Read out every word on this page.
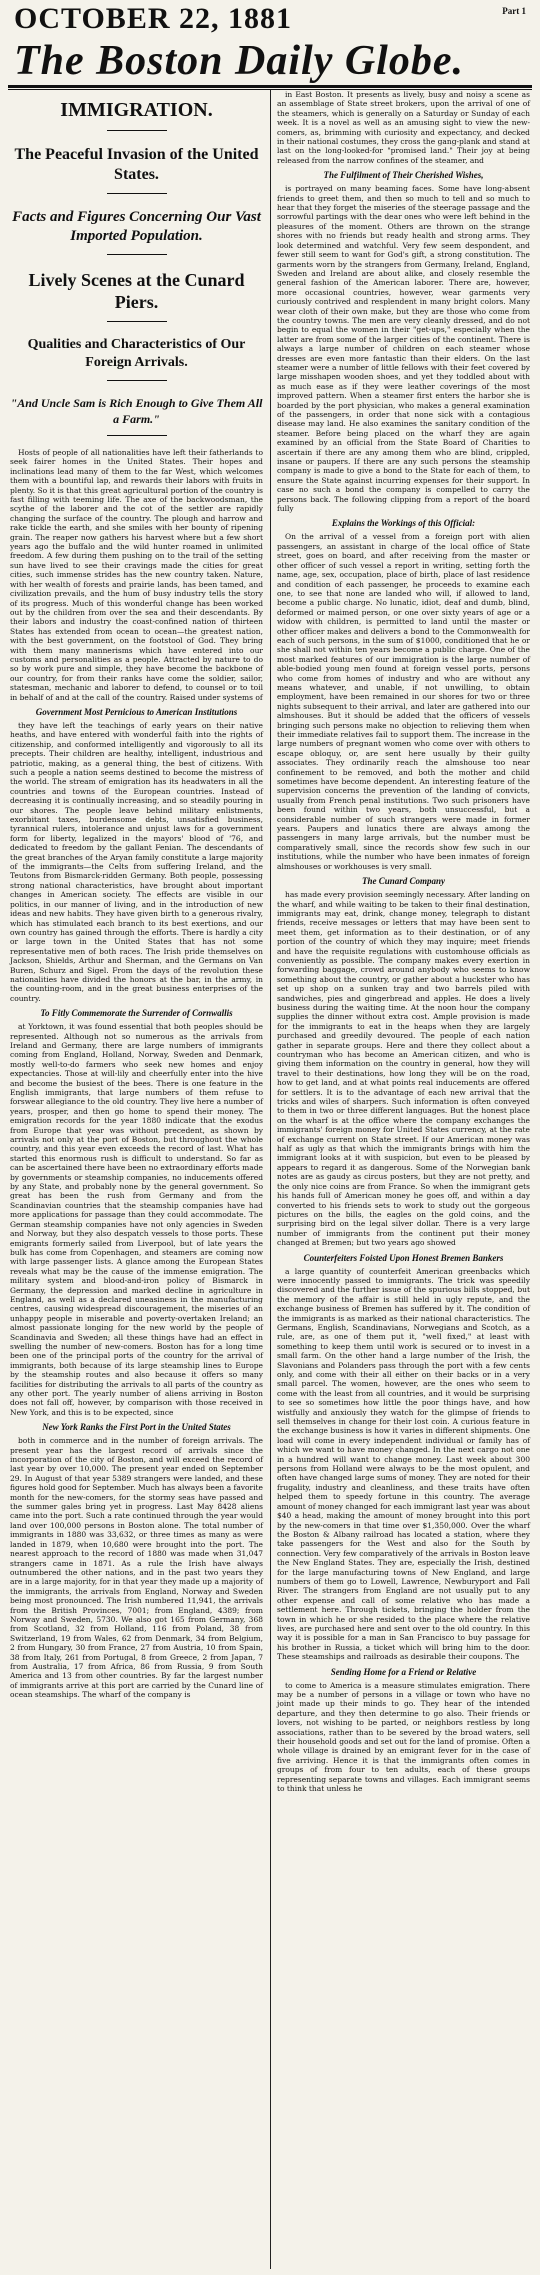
OCTOBER 22, 1881	Part 1
The Boston Daily Globe.
IMMIGRATION.
The Peaceful Invasion of the United States.
Facts and Figures Concerning Our Vast Imported Population.
Lively Scenes at the Cunard Piers.
Qualities and Characteristics of Our Foreign Arrivals.
"And Uncle Sam is Rich Enough to Give Them All a Farm."

Hosts of people of all nationalities have left their fatherlands to seek fairer homes in the United States. Their hopes and inclinations lead many of them to the far West, which welcomes them with a bountiful lap, and rewards their labors with fruits in plenty. So it is that this great agricultural portion of the country is fast filling with teeming life. The axe of the backwoodsman, the scythe of the laborer and the cot of the settler are rapidly changing the surface of the country. The plough and harrow and rake tickle the earth, and she smiles with her bounty of ripening grain. The reaper now gathers his harvest where but a few short years ago the buffalo and the wild hunter roamed in unlimited freedom. A few during them pushing on to the trail of the setting sun have lived to see their cravings made the cities for great cities, such immense strides has the new country taken. Nature, with her wealth of forests and prairie lands, has been tamed, and civilization prevails, and the hum of busy industry tells the story of its progress. Much of this wonderful change has been worked out by the children from over the sea and their descendants. By their labors and industry the coast-confined nation of thirteen States has extended from ocean to ocean—the greatest nation, with the best government, on the footstool of God. They bring with them many mannerisms which have entered into our customs and personalities as a people. Attracted by nature to do so by work pure and simple, they have become the backbone of our country, for from their ranks have come the soldier, sailor, statesman, mechanic and laborer to defend, to counsel or to toil in behalf of and at the call of the country. Raised under systems of

Government Most Pernicious to American Institutions

they have left the teachings of early years on their native heaths, and have entered with wonderful faith into the rights of citizenship, and conformed intelligently and vigorously to all its precepts. Their children are healthy, intelligent, industrious and patriotic, making, as a general thing, the best of citizens. With such a people a nation seems destined to become the mistress of the world. The stream of emigration has its headwaters in all the countries and towns of the European countries. Instead of decreasing it is continually increasing, and so steadily pouring in our shores. The people leave behind military enlistments, exorbitant taxes, burdensome debts, unsatisfied business, tyrannical rulers, intolerance and unjust laws for a government form for liberty, legalized in the mayors' blood of '76, and dedicated to freedom by the gallant Fenian. The descendants of the great branches of the Aryan family constitute a large majority of the immigrants—the Celts from suffering Ireland, and the Teutons from Bismarck-ridden Germany. Both people, possessing strong national characteristics, have brought about important changes in American society. The effects are visible in our politics, in our manner of living, and in the introduction of new ideas and new habits. They have given birth to a generous rivalry, which has stimulated each branch to its best exertions, and our own country has gained through the efforts. There is hardly a city or large town in the United States that has not some representative men of both races. The Irish pride themselves on Jackson, Shields, Arthur and Sherman, and the Germans on Van Buren, Schurz and Sigel. From the days of the revolution these nationalities have divided the honors at the bar, in the army, in the counting-room, and in the great business enterprises of the country.

To Fitly Commemorate the Surrender of Cornwallis

at Yorktown, it was found essential that both peoples should be represented. Although not so numerous as the arrivals from Ireland and Germany, there are large numbers of immigrants coming from England, Holland, Norway, Sweden and Denmark, mostly well-to-do farmers who seek new homes and enjoy expectancies. Those at will-lily and cheerfully enter into the hive and become the busiest of the bees. There is one feature in the English immigrants, that large numbers of them refuse to forswear allegiance to the old country. They live here a number of years, prosper, and then go home to spend their money. The emigration records for the year 1880 indicate that the exodus from Europe that year was without precedent, as shown by arrivals not only at the port of Boston, but throughout the whole country, and this year even exceeds the record of last. What has started this enormous rush is difficult to understand. So far as can be ascertained there have been no extraordinary efforts made by governments or steamship companies, no inducements offered by any State, and probably none by the general government. So great has been the rush from Germany and from the Scandinavian countries that the steamship companies have had more applications for passage than they could accommodate. The German steamship companies have not only agencies in Sweden and Norway, but they also despatch vessels to those ports. These emigrants formerly sailed from Liverpool, but of late years the bulk has come from Copenhagen, and steamers are coming now with large passenger lists. A glance among the European States reveals what may be the cause of the immense emigration. The military system and blood-and-iron policy of Bismarck in Germany, the depression and marked decline in agriculture in England, as well as a declared uneasiness in the manufacturing centres, causing widespread discouragement, the miseries of an unhappy people in miserable and poverty-overtaken Ireland; an almost passionate longing for the new world by the people of Scandinavia and Sweden; all these things have had an effect in swelling the number of new-comers. Boston has for a long time been one of the principal ports of the country for the arrival of immigrants, both because of its large steamship lines to Europe by the steamship routes and also because it offers so many facilities for distributing the arrivals to all parts of the country as any other port. The yearly number of aliens arriving in Boston does not fall off, however, by comparison with those received in New York, and this is to be expected, since

New York Ranks the First Port in the United States

both in commerce and in the number of foreign arrivals. The present year has the largest record of arrivals since the incorporation of the city of Boston, and will exceed the record of last year by over 10,000. The present year ended on September 29. In August of that year 5389 strangers were landed, and these figures hold good for September. Much has always been a favorite month for the new-comers, for the stormy seas have passed and the summer gales bring yet in progress. Last May 8428 aliens came into the port. Such a rate continued through the year would land over 100,000 persons in Boston alone. The total number of immigrants in 1880 was 33,632, or three times as many as were landed in 1879, when 10,680 were brought into the port. The nearest approach to the record of 1880 was made when 31,047 strangers came in 1871. As a rule the Irish have always outnumbered the other nations, and in the past two years they are in a large majority, for in that year they made up a majority of the immigrants, the arrivals from England, Norway and Sweden being most pronounced. The Irish numbered 11,941, the arrivals from the British Provinces, 7001; from England, 4389; from Norway and Sweden, 5730. We also got 165 from Germany, 368 from Scotland, 32 from Holland, 116 from Poland, 38 from Switzerland, 19 from Wales, 62 from Denmark, 34 from Belgium, 2 from Hungary, 30 from France, 27 from Austria, 10 from Spain, 38 from Italy, 261 from Portugal, 8 from Greece, 2 from Japan, 7 from Australia, 17 from Africa, 86 from Russia, 9 from South America and 13 from other countries. By far the largest number of immigrants arrive at this port are carried by the Cunard line of ocean steamships. The wharf of the company is

in East Boston. It presents as lively, busy and noisy a scene as an assemblage of State street brokers, upon the arrival of one of the steamers, which is generally on a Saturday or Sunday of each week. It is a novel as well as an amusing sight to view the new-comers, as, brimming with curiosity and expectancy, and decked in their national costumes, they cross the gang-plank and stand at last on the long-looked-for "promised land." Their joy at being released from the narrow confines of the steamer, and

The Fulfilment of Their Cherished Wishes,

is portrayed on many beaming faces. Some have long-absent friends to greet them, and then so much to tell and so much to hear that they forget the miseries of the steerage passage and the sorrowful partings with the dear ones who were left behind in the pleasures of the moment. Others are thrown on the strange shores with no friends but ready health and strong arms. They look determined and watchful. Very few seem despondent, and fewer still seem to want for God's gift, a strong constitution. The garments worn by the strangers from Germany, Ireland, England, Sweden and Ireland are about alike, and closely resemble the general fashion of the American laborer. There are, however, more occasional countries, however, wear garments very curiously contrived and resplendent in many bright colors. Many wear cloth of their own make, but they are those who come from the country towns. The men are very cleanly dressed, and do not begin to equal the women in their "get-ups," especially when the latter are from some of the larger cities of the continent. There is always a large number of children on each steamer whose dresses are even more fantastic than their elders. On the last steamer were a number of little fellows with their feet covered by large misshapen wooden shoes, and yet they toddled about with as much ease as if they were leather coverings of the most improved pattern. When a steamer first enters the harbor she is boarded by the port physician, who makes a general examination of the passengers, in order that none sick with a contagious disease may land. He also examines the sanitary condition of the steamer. Before being placed on the wharf they are again examined by an official from the State Board of Charities to ascertain if there are any among them who are blind, crippled, insane or paupers. If there are any such persons the steamship company is made to give a bond to the State for each of them, to ensure the State against incurring expenses for their support. In case no such a bond the company is compelled to carry the persons back. The following clipping from a report of the board fully

Explains the Workings of this Official:

On the arrival of a vessel from a foreign port with alien passengers, an assistant in charge of the local office of State street, goes on board, and after receiving from the master or other officer of such vessel a report in writing, setting forth the name, age, sex, occupation, place of birth, place of last residence and condition of each passenger, he proceeds to examine each one, to see that none are landed who will, if allowed to land, become a public charge. No lunatic, idiot, deaf and dumb, blind, deformed or maimed person, or one over sixty years of age or a widow with children, is permitted to land until the master or other officer makes and delivers a bond to the Commonwealth for each of such persons, in the sum of $1000, conditioned that he or she shall not within ten years become a public charge. One of the most marked features of our immigration is the large number of able-bodied young men found at foreign vessel ports, persons who come from homes of industry and who are without any means whatever, and unable, if not unwilling, to obtain employment, have been remained in our shores for two or three nights subsequent to their arrival, and later are gathered into our almshouses. But it should be added that the officers of vessels bringing such persons make no objection to relieving them when their immediate relatives fail to support them. The increase in the large numbers of pregnant women who come over with others to escape obloquy, or, are sent here usually by their guilty associates. They ordinarily reach the almshouse too near confinement to be removed, and both the mother and child sometimes have become dependent. An interesting feature of the supervision concerns the prevention of the landing of convicts, usually from French penal institutions. Two such prisoners have been found within two years, both unsuccessful, but a considerable number of such strangers were made in former years. Paupers and lunatics there are always among the passengers in many large arrivals, but the number must be comparatively small, since the records show few such in our institutions, while the number who have been inmates of foreign almshouses or workhouses is very small.

The Cunard Company

has made every provision seemingly necessary. After landing on the wharf, and while waiting to be taken to their final destination, immigrants may eat, drink, change money, telegraph to distant friends, receive messages or letters that may have been sent to meet them, get information as to their destination, or of any portion of the country of which they may inquire; meet friends and have the requisite regulations with customhouse officials as conveniently as possible. The company makes every exertion in forwarding baggage, crowd around anybody who seems to know something about the country, or gather about a huckster who has set up shop on a sunken tray and two barrels piled with sandwiches, pies and gingerbread and apples. He does a lively business during the waiting time. At the noon hour the company supplies the dinner without extra cost. Ample provision is made for the immigrants to eat in the heaps when they are largely purchased and greedily devoured. The people of each nation gather in separate groups. Here and there they collect about a countryman who has become an American citizen, and who is giving them information on the country in general, how they will travel to their destinations, how long they will be on the road, how to get land, and at what points real inducements are offered for settlers. It is to the advantage of each new arrival that the tricks and wiles of sharpers. Such information is often conveyed to them in two or three different languages. But the honest place on the wharf is at the office where the company exchanges the immigrants' foreign money for United States currency, at the rate of exchange current on State street. If our American money was half as ugly as that which the immigrants brings with him the immigrant looks at it with suspicion, but even to be pleased by appears to regard it as dangerous. Some of the Norwegian bank notes are as gaudy as circus posters, but they are not pretty, and the only nice coins are from France. So when the immigrant gets his hands full of American money he goes off, and within a day converted to his friends sets to work to study out the gorgeous pictures on the bills, the eagles on the gold coins, and the surprising bird on the legal silver dollar. There is a very large number of immigrants from the continent put their money changed at Bremen; but two years ago showed

Counterfeiters Foisted Upon Honest Bremen Bankers

a large quantity of counterfeit American greenbacks which were innocently passed to immigrants. The trick was speedily discovered and the further issue of the spurious bills stopped, but the memory of the affair is still held in ugly repute, and the exchange business of Bremen has suffered by it. The condition of the immigrants is as marked as their national characteristics. The Germans, English, Scandinavians, Norwegians and Scotch, as a rule, are, as one of them put it, "well fixed," at least with something to keep them until work is secured or to invest in a small farm. On the other hand a large number of the Irish, the Slavonians and Polanders pass through the port with a few cents only, and come with their all either on their backs or in a very small parcel. The women, however, are the ones who seem to come with the least from all countries, and it would be surprising to see so sometimes how little the poor things have, and how wistfully and anxiously they watch for the glimpse of friends to sell themselves in change for their lost coin. A curious feature in the exchange business is how it varies in different shipments. One load will come in every independent individual or family has of which we want to have money changed. In the next cargo not one in a hundred will want to change money. Last week about 300 persons from Holland were always to be the most opulent, and often have changed large sums of money. They are noted for their frugality, industry and cleanliness, and these traits have often helped them to speedy fortune in this country. The average amount of money changed for each immigrant last year was about $40 a head, making the amount of money brought into this port by the new-comers in that time over $1,350,000. Over the wharf the Boston & Albany railroad has located a station, where they take passengers for the West and also for the South by connection. Very few comparatively of the arrivals in Boston leave the New England States. They are, especially the Irish, destined for the large manufacturing towns of New England, and large numbers of them go to Lowell, Lawrence, Newburyport and Fall River. The strangers from England are not usually put to any other expense and call of some relative who has made a settlement here. Through tickets, bringing the holder from the town in which he or she resided to the place where the relative lives, are purchased here and sent over to the old country. In this way it is possible for a man in San Francisco to buy passage for his brother in Russia, a ticket which will bring him to the door. These steamships and railroads as desirable their coupons. The

Sending Home for a Friend or Relative

to come to America is a measure stimulates emigration. There may be a number of persons in a village or town who have no joint made up their minds to go. They hear of the intended departure, and they then determine to go also. Their friends or lovers, not wishing to be parted, or neighbors restless by long associations, rather than to be severed by the broad waters, sell their household goods and set out for the land of promise. Often a whole village is drained by an emigrant fever for in the case of five arriving. Hence it is that the immigrants often comes in groups of from four to ten adults, each of these groups representing separate towns and villages. Each immigrant seems to think that unless he
